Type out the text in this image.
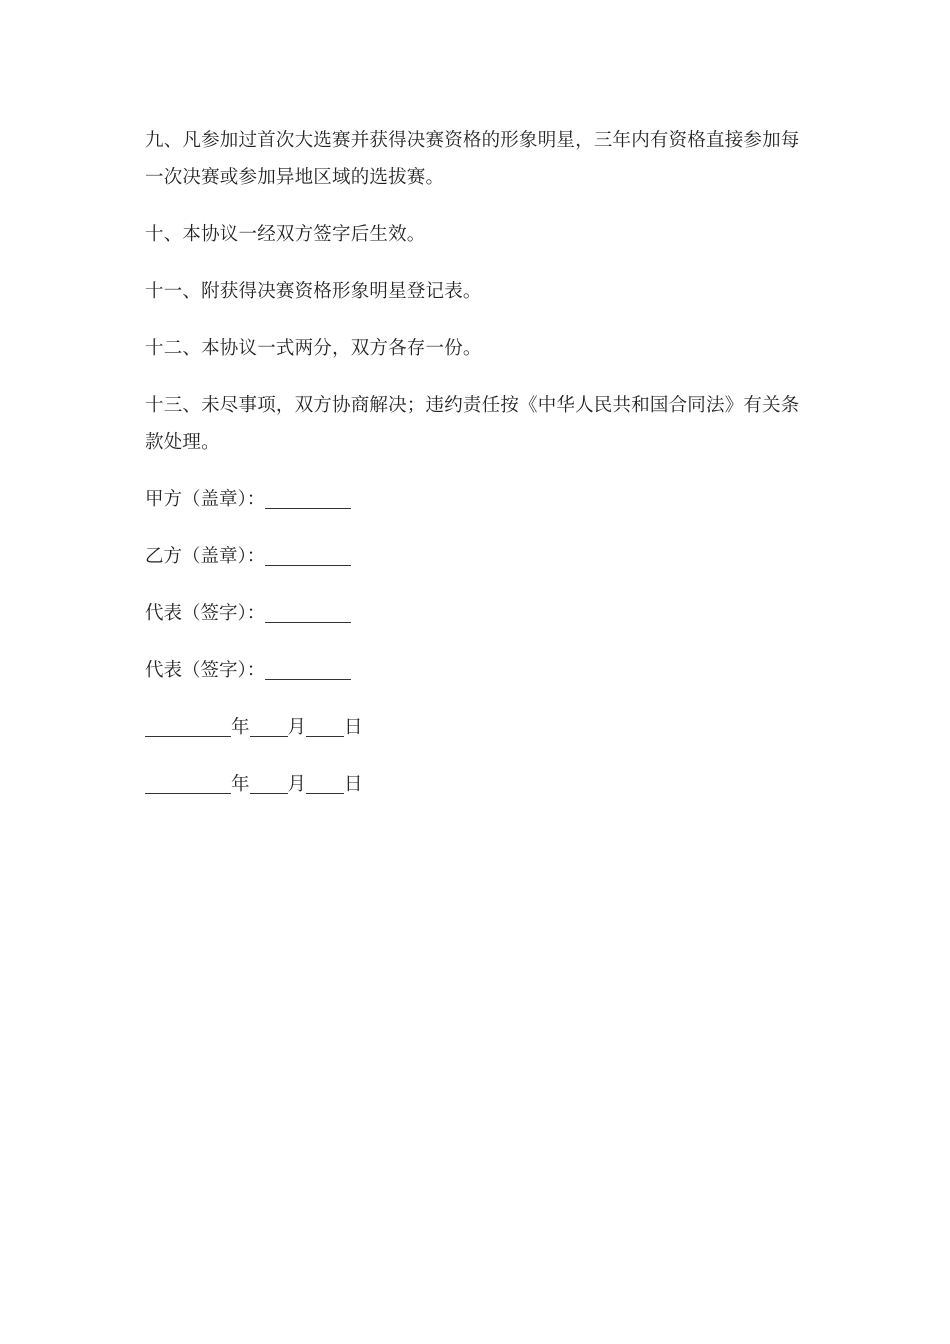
九、凡参加过首次大选赛并获得决赛资格的形象明星，三年内有资格直接参加每一次决赛或参加异地区域的选拔赛。

十、本协议一经双方签字后生效。

十一、附获得决赛资格形象明星登记表。

十二、本协议一式两分，双方各存一份。

十三、未尽事项，双方协商解决；违约责任按《中华人民共和国合同法》有关条款处理。

甲方（盖章）：
乙方（盖章）：
代表（签字）：
代表（签字）：
年 月 日
年 月 日
